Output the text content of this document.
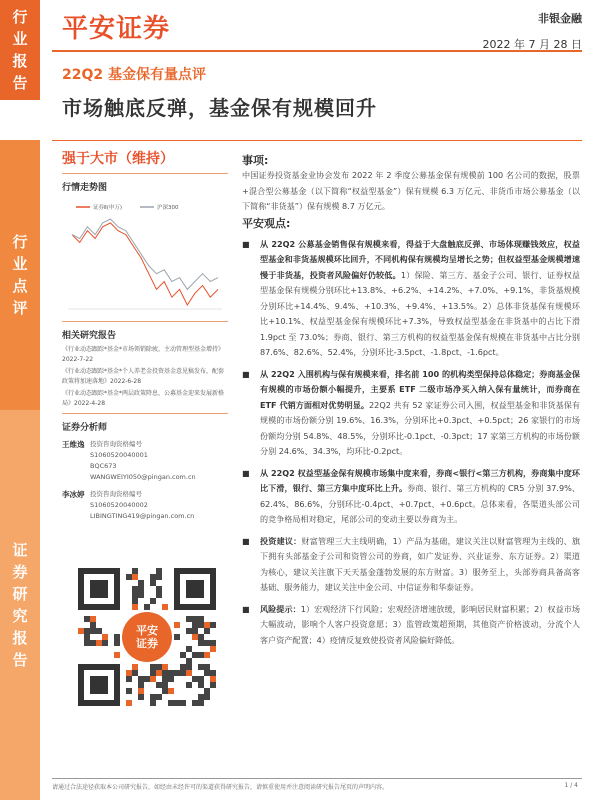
行
业
报
告
行
业
点
评
证
券
研
究
报
告
平安证券	非银金融
2022 年 7 月 28 日
22Q2 基金保有量点评
市场触底反弹，基金保有规模回升
强于大市（维持）
行情走势图
证券Ⅱ(申万)	沪深300
相关研究报告

《行业动态跟踪*基金*市场领销除疲，主动管理型基金增持》2022-7-22

《行业动态跟踪*基金*个人养老金投资基金意见稿发布，配套政策将加速落地》2022-6-28

《行业动态跟踪*基金*两层政策降息，公募基金迎来发展新格局》2022-4-28

证券分析师
王维逸 投资咨询资格编号
S1060520040001
BQC673
WANGWEIYI050@pingan.com.cn
李冰婷 投资咨询资格编号
S1060520040002
LIBINGTING419@pingan.com.cn
平安
证券
事项:
中国证券投资基金业协会发布 2022 年 2 季度公募基金保有规模前 100 名公司的数据，股票+混合型公募基金（以下简称“权益型基金”）保有规模 6.3 万亿元、非货币市场公募基金（以下简称“非货基”）保有规模 8.7 万亿元。
平安观点:
■	从 22Q2 公募基金销售保有规模来看，得益于大盘触底反弹、市场体现赚钱效应，权益型基金和非货基规模环比回升，不同机构保有规模均呈增长之势；但权益型基金规模增速慢于非货基，投资者风险偏好仍较低。1）保险、第三方、基金子公司、银行、证券权益型基金保有规模分别环比+13.8%、+6.2%、+14.2%、+7.0%、+9.1%，非货基规模分别环比+14.4%、9.4%、+10.3%、+9.4%、+13.5%。2）总体非货基保有规模环比+10.1%、权益型基金保有规模环比+7.3%，导致权益型基金在非货基中的占比下滑 1.9pct 至 73.0%；券商、银行、第三方机构的权益型基金保有规模在非货基中占比分别 87.6%、82.6%、52.4%，分别环比-3.5pct、-1.8pct、-1.6pct。
■	从 22Q2 入围机构与保有规模来看，排名前 100 的机构类型保持总体稳定；券商基金保有规模的市场份额小幅提升，主要系 ETF 二级市场净买入纳入保有量统计，而券商在 ETF 代销方面相对优势明显。22Q2 共有 52 家证券公司入围，权益型基金和非货基保有规模的市场份额分别 19.6%、16.3%，分别环比+0.3pct、+0.5pct；26 家银行的市场份额均分别 54.8%、48.5%，分别环比-0.1pct、-0.3pct；17 家第三方机构的市场份额分别 24.6%、34.3%，均环比-0.2pct。
■	从 22Q2 权益型基金保有规模市场集中度来看，券商<银行<第三方机构，券商集中度环比下滑，银行、第三方集中度环比上升。券商、银行、第三方机构的 CR5 分别 37.9%、62.4%、86.6%，分别环比-0.4pct、+0.7pct、+0.6pct。总体来看，各渠道头部公司的竞争格局相对稳定，尾部公司的变动主要以券商为主。
■	投资建议：财富管理三大主线明确，1）产品为基础，建议关注以财富管理为主线的、旗下拥有头部基金子公司和资管公司的券商，如广发证券、兴业证券、东方证券。2）渠道为核心，建议关注旗下天天基金蓬勃发展的东方财富。3）服务至上，头部券商具备高客基础、服务能力，建议关注中金公司、中信证券和华泰证券。
■	风险提示：1）宏观经济下行风险；宏观经济增速放缓，影响居民财富积累；2）权益市场大幅波动，影响个人客户投资意愿；3）监管政策超预期，其他资产价格波动，分流个人客户资产配置；4）疫情反复致使投资者风险偏好降低。
请通过合法途径获取本公司研究报告，如经由未经许可的渠道获得研究报告，请慎重使用并注意阅读研究报告尾页的声明内容。	1 / 4
